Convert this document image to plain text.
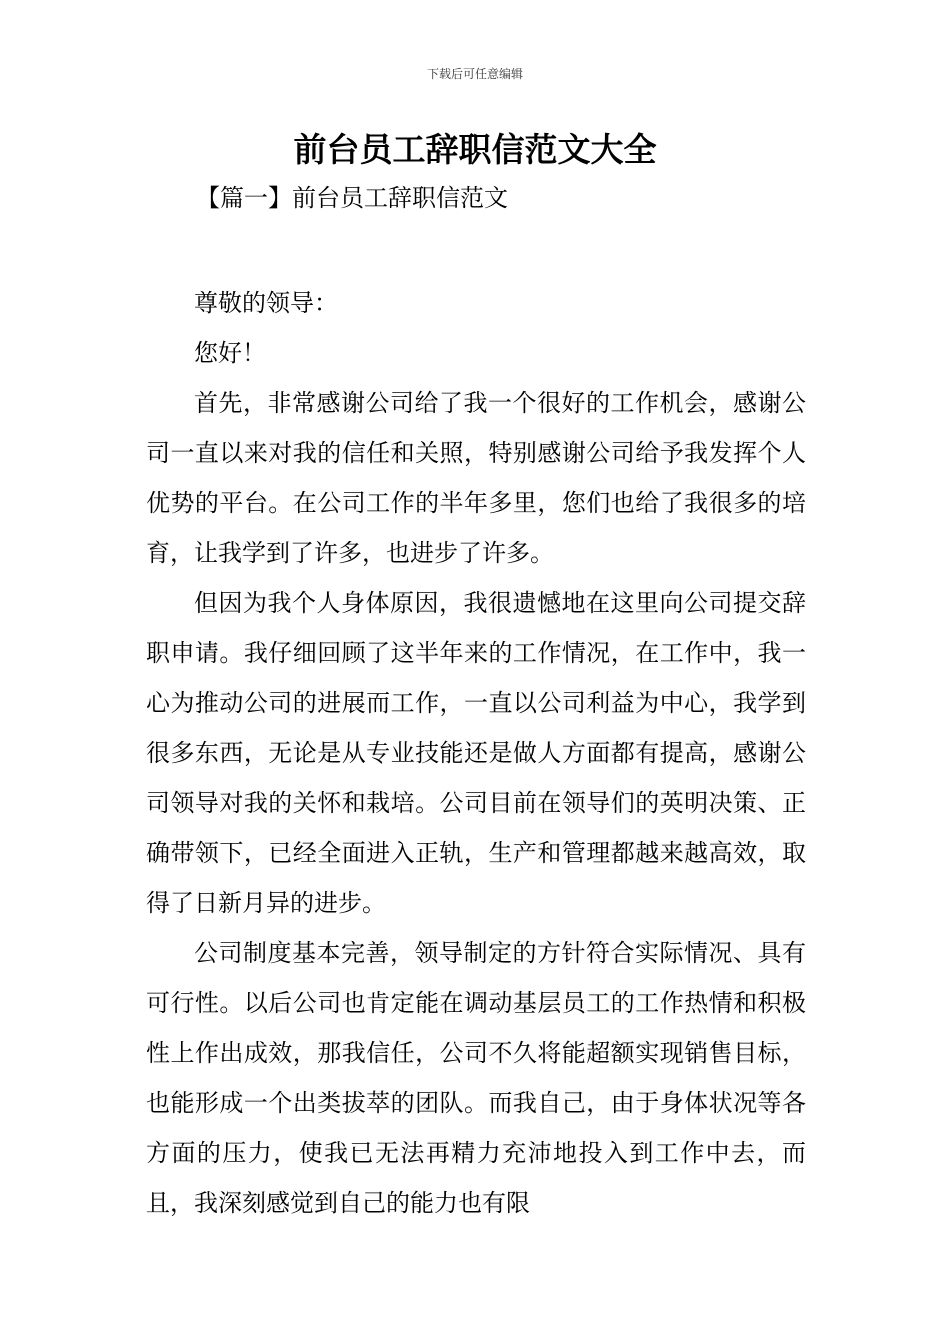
下载后可任意编辑
前台员工辞职信范文大全
【篇一】前台员工辞职信范文

尊敬的领导：

您好！

首先，非常感谢公司给了我一个很好的工作机会，感谢公司一直以来对我的信任和关照，特别感谢公司给予我发挥个人优势的平台。在公司工作的半年多里，您们也给了我很多的培育，让我学到了许多，也进步了许多。

但因为我个人身体原因，我很遗憾地在这里向公司提交辞职申请。我仔细回顾了这半年来的工作情况，在工作中，我一心为推动公司的进展而工作，一直以公司利益为中心，我学到很多东西，无论是从专业技能还是做人方面都有提高，感谢公司领导对我的关怀和栽培。公司目前在领导们的英明决策、正确带领下，已经全面进入正轨，生产和管理都越来越高效，取得了日新月异的进步。

公司制度基本完善，领导制定的方针符合实际情况、具有可行性。以后公司也肯定能在调动基层员工的工作热情和积极性上作出成效，那我信任，公司不久将能超额实现销售目标，也能形成一个出类拔萃的团队。而我自己，由于身体状况等各方面的压力，使我已无法再精力充沛地投入到工作中去，而且，我深刻感觉到自己的能力也有限
